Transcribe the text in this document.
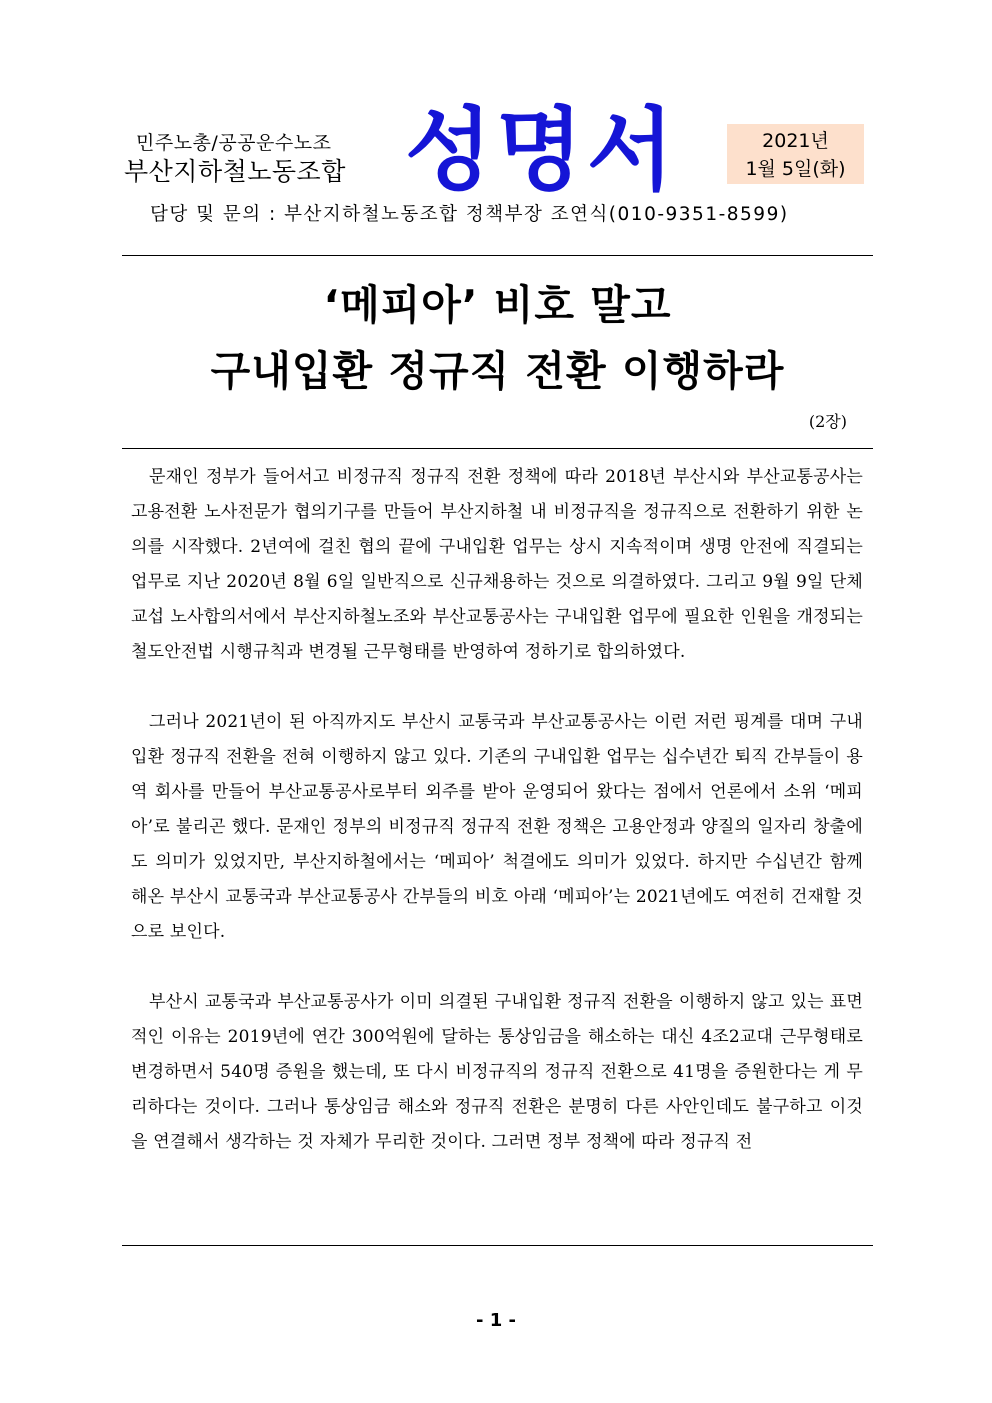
민주노총/공공운수노조
부산지하철노동조합 성명서	2021년
1월 5일(화)
담당 및 문의 : 부산지하철노동조합 정책부장 조연식(010-9351-8599)
‘메피아’ 비호 말고
구내입환 정규직 전환 이행하라
(2장)

문재인 정부가 들어서고 비정규직 정규직 전환 정책에 따라 2018년 부산시와 부산교통공사는 고용전환 노사전문가 협의기구를 만들어 부산지하철 내 비정규직을 정규직으로 전환하기 위한 논의를 시작했다. 2년여에 걸친 협의 끝에 구내입환 업무는 상시 지속적이며 생명 안전에 직결되는 업무로 지난 2020년 8월 6일 일반직으로 신규채용하는 것으로 의결하였다. 그리고 9월 9일 단체교섭 노사합의서에서 부산지하철노조와 부산교통공사는 구내입환 업무에 필요한 인원을 개정되는 철도안전법 시행규칙과 변경될 근무형태를 반영하여 정하기로 합의하였다.

그러나 2021년이 된 아직까지도 부산시 교통국과 부산교통공사는 이런 저런 핑계를 대며 구내입환 정규직 전환을 전혀 이행하지 않고 있다. 기존의 구내입환 업무는 십수년간 퇴직 간부들이 용역 회사를 만들어 부산교통공사로부터 외주를 받아 운영되어 왔다는 점에서 언론에서 소위 ‘메피아’로 불리곤 했다. 문재인 정부의 비정규직 정규직 전환 정책은 고용안정과 양질의 일자리 창출에도 의미가 있었지만, 부산지하철에서는 ‘메피아’ 척결에도 의미가 있었다. 하지만 수십년간 함께 해온 부산시 교통국과 부산교통공사 간부들의 비호 아래 ‘메피아’는 2021년에도 여전히 건재할 것으로 보인다.

부산시 교통국과 부산교통공사가 이미 의결된 구내입환 정규직 전환을 이행하지 않고 있는 표면적인 이유는 2019년에 연간 300억원에 달하는 통상임금을 해소하는 대신 4조2교대 근무형태로 변경하면서 540명 증원을 했는데, 또 다시 비정규직의 정규직 전환으로 41명을 증원한다는 게 무리하다는 것이다. 그러나 통상임금 해소와 정규직 전환은 분명히 다른 사안인데도 불구하고 이것을 연결해서 생각하는 것 자체가 무리한 것이다. 그러면 정부 정책에 따라 정규직 전

- 1 -
